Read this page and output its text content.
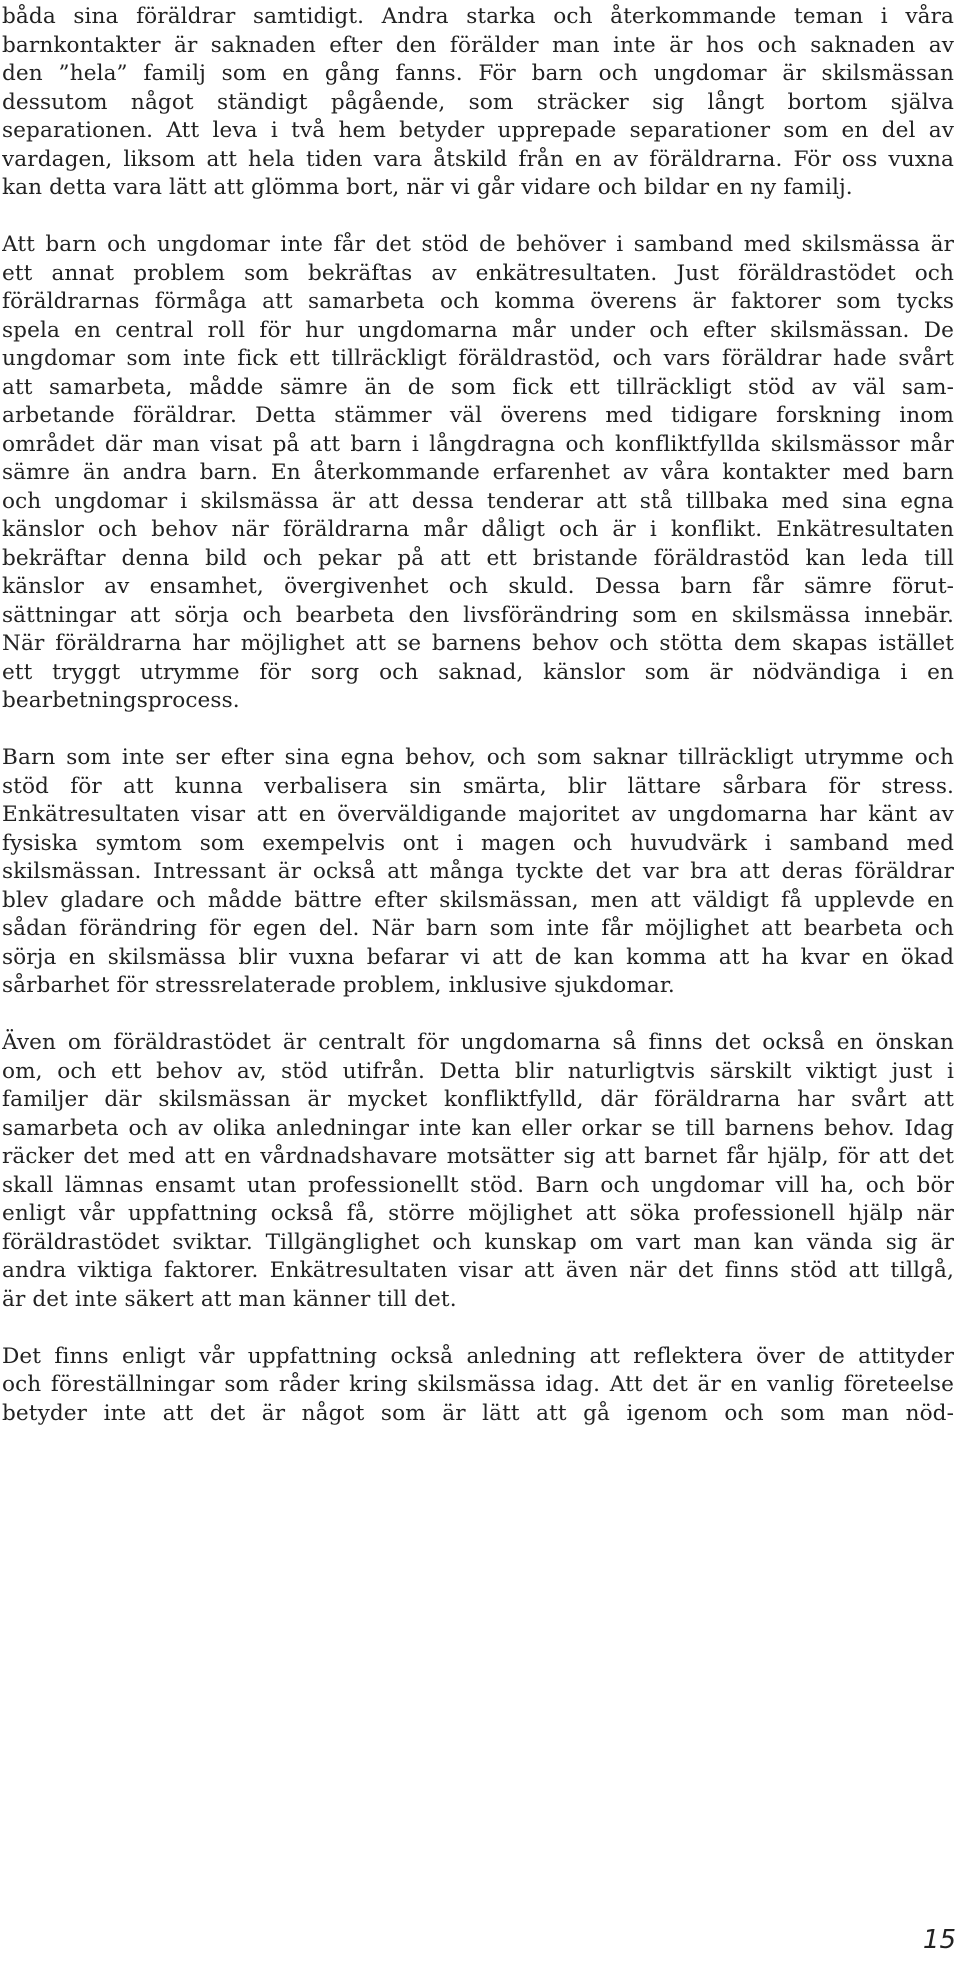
båda sina föräldrar samtidigt. Andra starka och återkommande teman i våra
barnkontakter är saknaden efter den förälder man inte är hos och saknaden av
den ”hela” familj som en gång fanns. För barn och ungdomar är skilsmässan
dessutom något ständigt pågående, som sträcker sig långt bortom själva
separationen. Att leva i två hem betyder upprepade separationer som en del av
vardagen, liksom att hela tiden vara åtskild från en av föräldrarna. För oss vuxna
kan detta vara lätt att glömma bort, när vi går vidare och bildar en ny familj.
Att barn och ungdomar inte får det stöd de behöver i samband med skilsmässa är
ett annat problem som bekräftas av enkätresultaten. Just föräldrastödet och
föräldrarnas förmåga att samarbeta och komma överens är faktorer som tycks
spela en central roll för hur ungdomarna mår under och efter skilsmässan. De
ungdomar som inte fick ett tillräckligt föräldrastöd, och vars föräldrar hade svårt
att samarbeta, mådde sämre än de som fick ett tillräckligt stöd av väl sam-
arbetande föräldrar. Detta stämmer väl överens med tidigare forskning inom
området där man visat på att barn i långdragna och konfliktfyllda skilsmässor mår
sämre än andra barn. En återkommande erfarenhet av våra kontakter med barn
och ungdomar i skilsmässa är att dessa tenderar att stå tillbaka med sina egna
känslor och behov när föräldrarna mår dåligt och är i konflikt. Enkätresultaten
bekräftar denna bild och pekar på att ett bristande föräldrastöd kan leda till
känslor av ensamhet, övergivenhet och skuld. Dessa barn får sämre förut-
sättningar att sörja och bearbeta den livsförändring som en skilsmässa innebär.
När föräldrarna har möjlighet att se barnens behov och stötta dem skapas istället
ett tryggt utrymme för sorg och saknad, känslor som är nödvändiga i en
bearbetningsprocess.
Barn som inte ser efter sina egna behov, och som saknar tillräckligt utrymme och
stöd för att kunna verbalisera sin smärta, blir lättare sårbara för stress.
Enkätresultaten visar att en överväldigande majoritet av ungdomarna har känt av
fysiska symtom som exempelvis ont i magen och huvudvärk i samband med
skilsmässan. Intressant är också att många tyckte det var bra att deras föräldrar
blev gladare och mådde bättre efter skilsmässan, men att väldigt få upplevde en
sådan förändring för egen del. När barn som inte får möjlighet att bearbeta och
sörja en skilsmässa blir vuxna befarar vi att de kan komma att ha kvar en ökad
sårbarhet för stressrelaterade problem, inklusive sjukdomar.
Även om föräldrastödet är centralt för ungdomarna så finns det också en önskan
om, och ett behov av, stöd utifrån. Detta blir naturligtvis särskilt viktigt just i
familjer där skilsmässan är mycket konfliktfylld, där föräldrarna har svårt att
samarbeta och av olika anledningar inte kan eller orkar se till barnens behov. Idag
räcker det med att en vårdnadshavare motsätter sig att barnet får hjälp, för att det
skall lämnas ensamt utan professionellt stöd. Barn och ungdomar vill ha, och bör
enligt vår uppfattning också få, större möjlighet att söka professionell hjälp när
föräldrastödet sviktar. Tillgänglighet och kunskap om vart man kan vända sig är
andra viktiga faktorer. Enkätresultaten visar att även när det finns stöd att tillgå,
är det inte säkert att man känner till det.
Det finns enligt vår uppfattning också anledning att reflektera över de attityder
och föreställningar som råder kring skilsmässa idag. Att det är en vanlig företeelse
betyder inte att det är något som är lätt att gå igenom och som man nöd-
15
